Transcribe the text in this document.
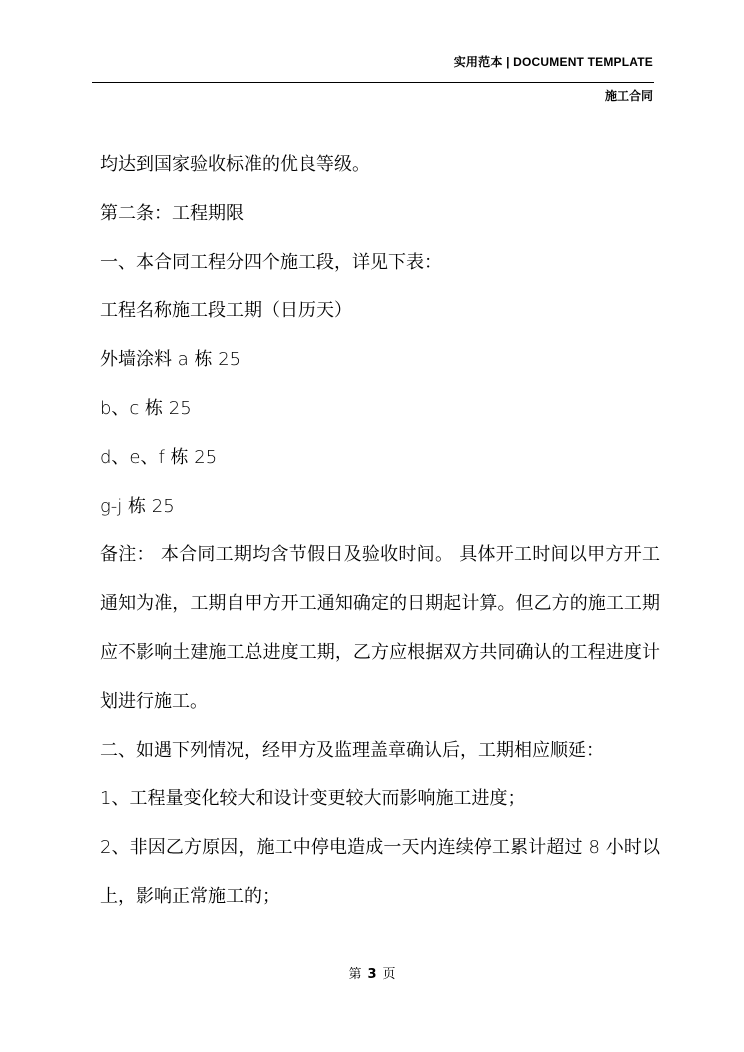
实用范本 | DOCUMENT TEMPLATE
施工合同

均达到国家验收标准的优良等级。

第二条：工程期限

一、本合同工程分四个施工段，详见下表：

工程名称施工段工期（日历天）

外墙涂料 a 栋 25

b、c 栋 25

d、e、f 栋 25

g-j 栋 25

备注： 本合同工期均含节假日及验收时间。 具体开工时间以甲方开工通知为准，工期自甲方开工通知确定的日期起计算。但乙方的施工工期应不影响土建施工总进度工期，乙方应根据双方共同确认的工程进度计划进行施工。

二、如遇下列情况，经甲方及监理盖章确认后，工期相应顺延：

1、工程量变化较大和设计变更较大而影响施工进度；

2、非因乙方原因，施工中停电造成一天内连续停工累计超过 8 小时以上，影响正常施工的；

第 3 页
